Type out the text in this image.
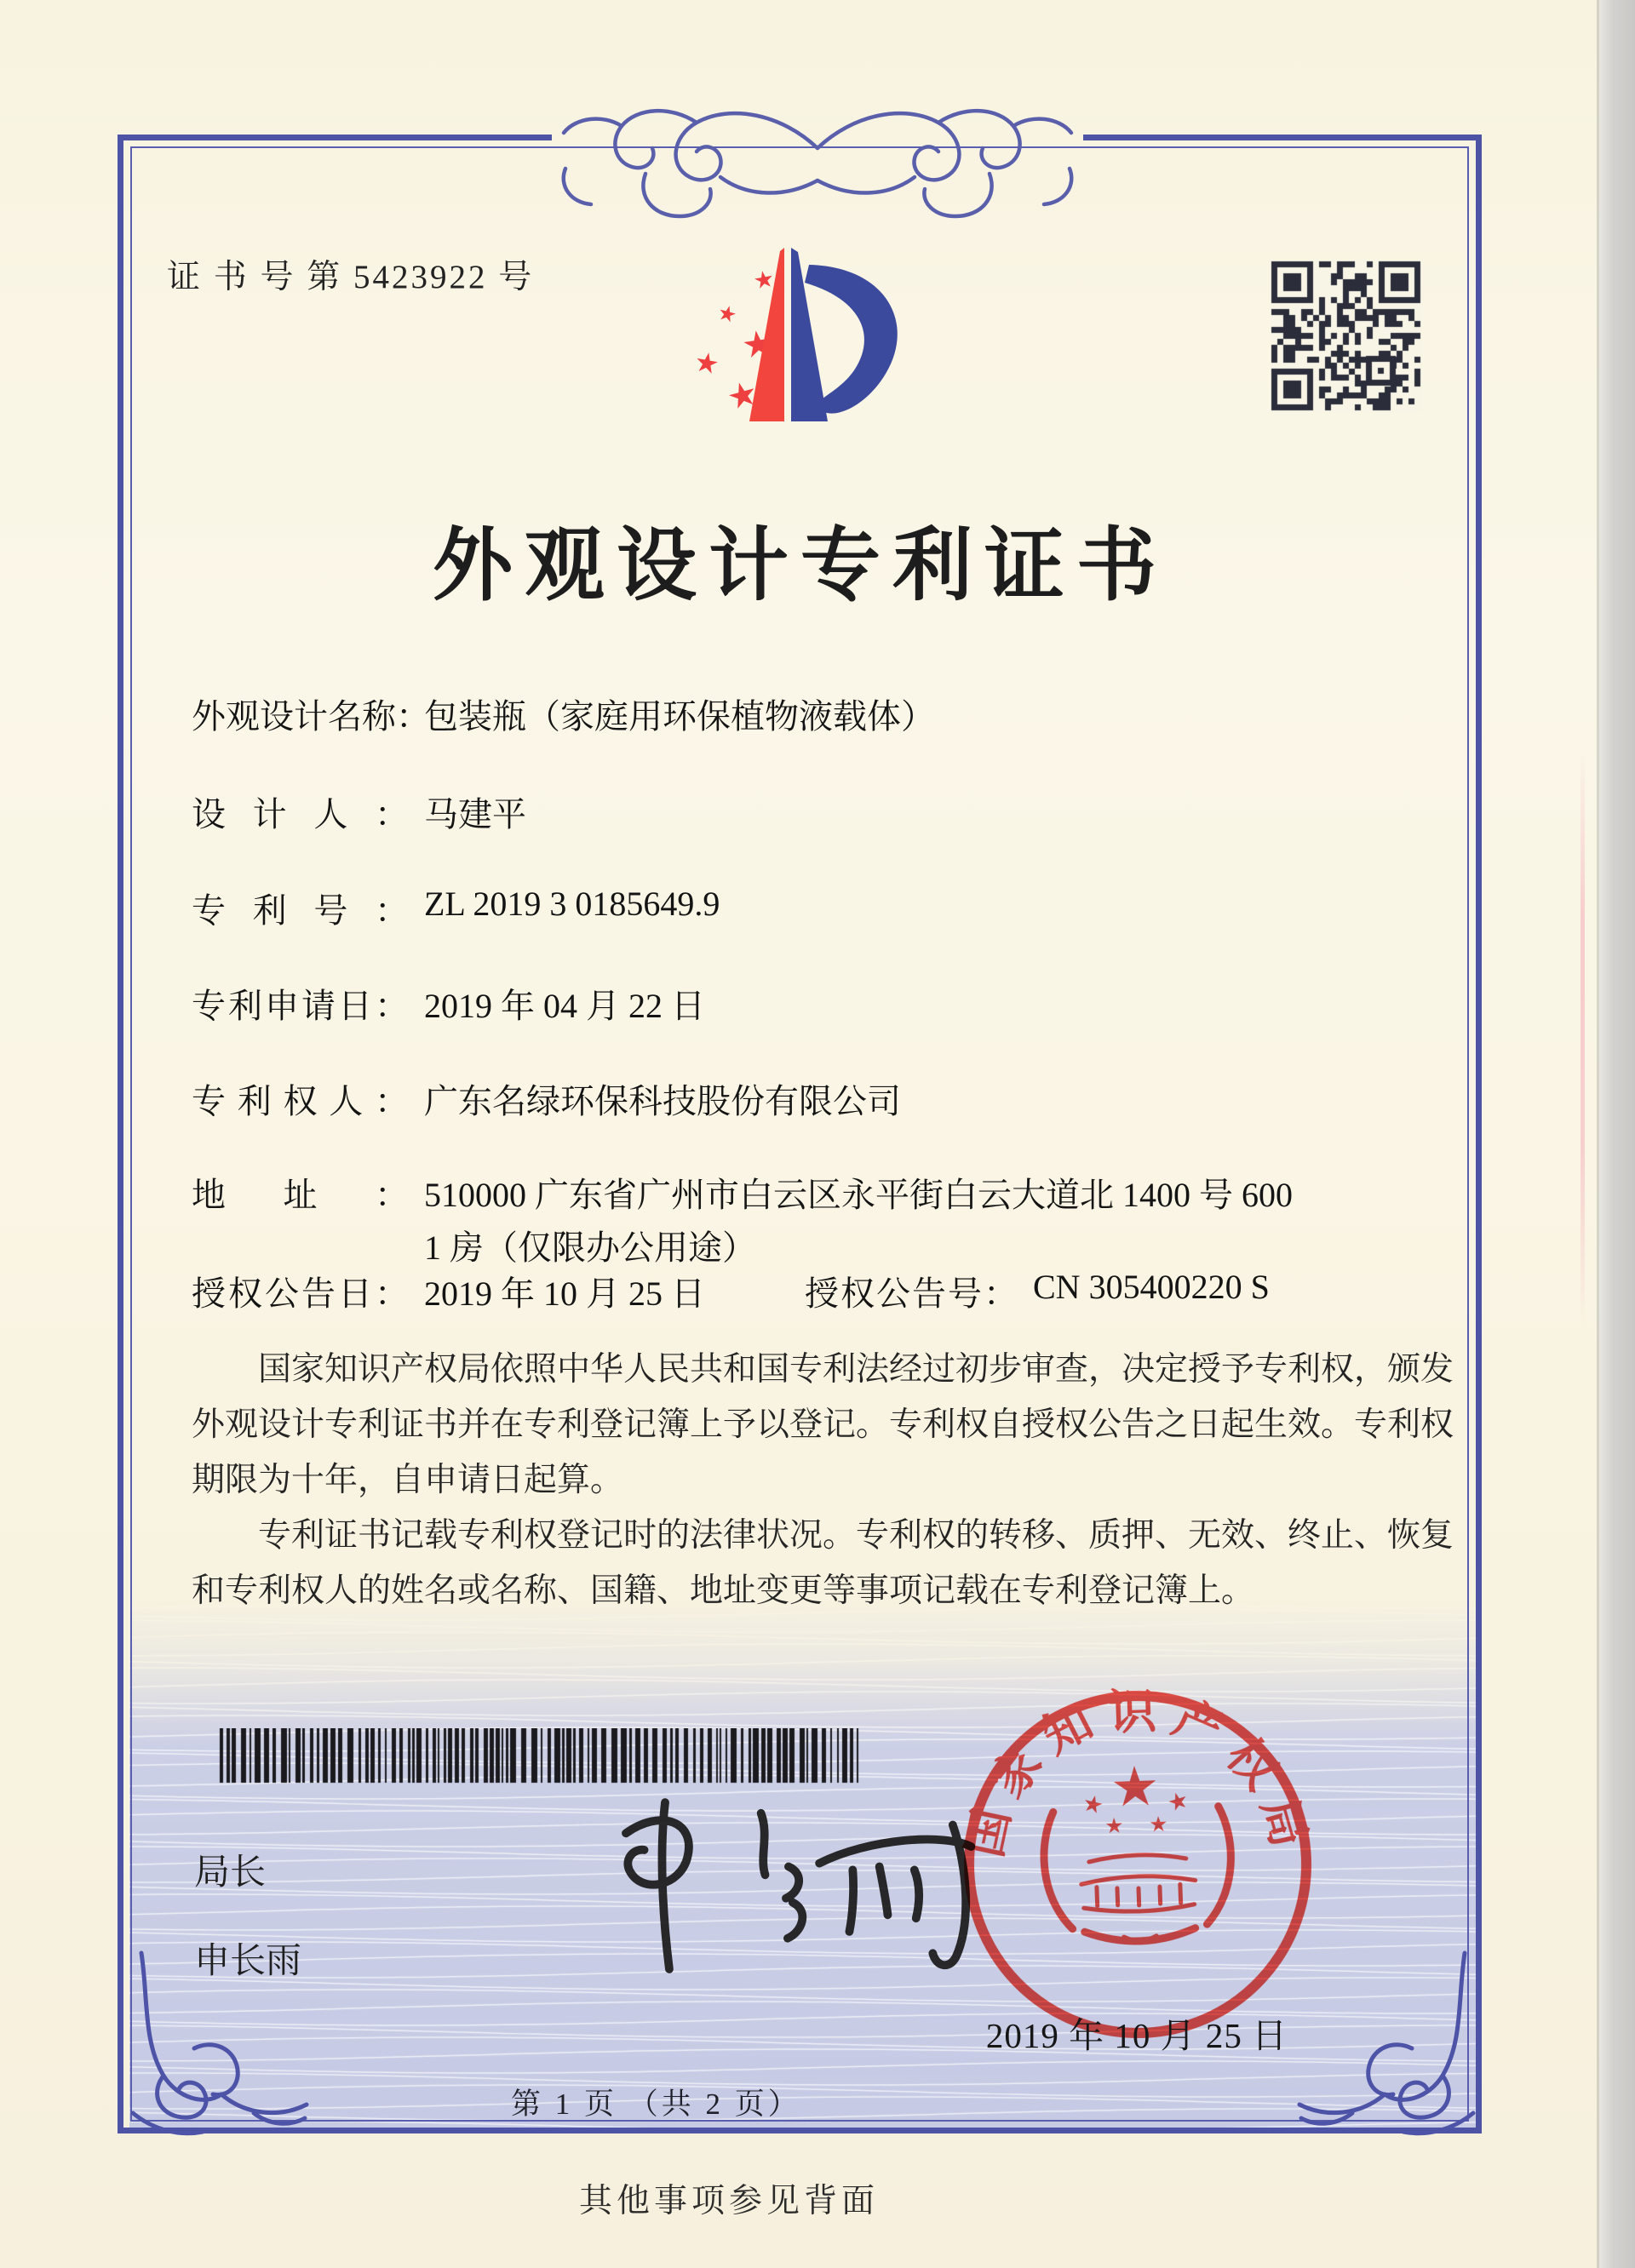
证 书 号 第 5423922 号
外观设计专利证书
外观设计名称：包装瓶（家庭用环保植物液载体）
设计人： 马建平
专利号： ZL 2019 3 0185649.9
专利申请日： 2019 年 04 月 22 日
专利权人： 广东名绿环保科技股份有限公司
地址： 510000 广东省广州市白云区永平街白云大道北 1400 号 600
1 房（仅限办公用途）
授权公告日： 2019 年 10 月 25 日	授权公告号： CN 305400220 S

国家知识产权局依照中华人民共和国专利法经过初步审查，决定授予专利权，颁发外观设计专利证书并在专利登记簿上予以登记。专利权自授权公告之日起生效。专利权期限为十年，自申请日起算。

专利证书记载专利权登记时的法律状况。专利权的转移、质押、无效、终止、恢复和专利权人的姓名或名称、国籍、地址变更等事项记载在专利登记簿上。

局长
申长雨
国
家
知 识 产
权
局
2019 年 10 月 25 日
第 1 页 （共 2 页）
其他事项参见背面
